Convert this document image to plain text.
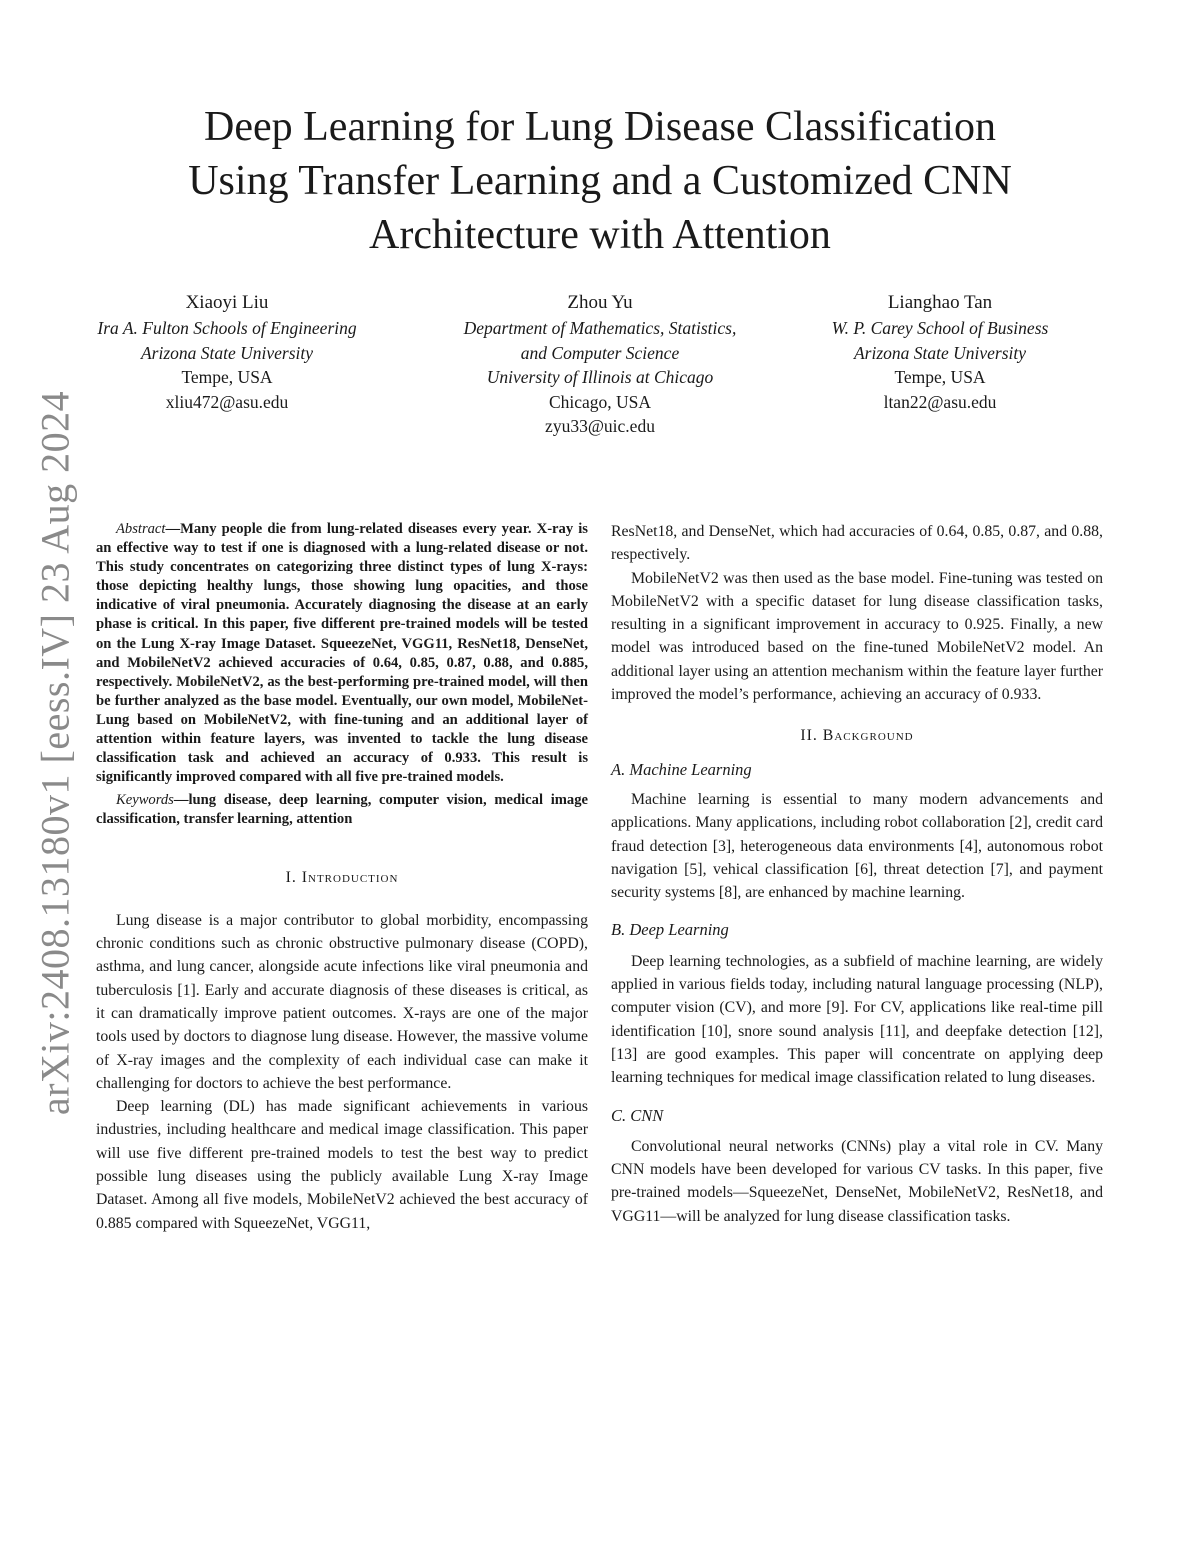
arXiv:2408.13180v1 [eess.IV] 23 Aug 2024
Deep Learning for Lung Disease Classification
Using Transfer Learning and a Customized CNN
Architecture with Attention
Xiaoyi Liu
Ira A. Fulton Schools of Engineering
Arizona State University
Tempe, USA
xliu472@asu.edu
Zhou Yu
Department of Mathematics, Statistics,
and Computer Science
University of Illinois at Chicago
Chicago, USA
zyu33@uic.edu
Lianghao Tan
W. P. Carey School of Business
Arizona State University
Tempe, USA
ltan22@asu.edu

Abstract—Many people die from lung-related diseases every year. X-ray is an effective way to test if one is diagnosed with a lung-related disease or not. This study concentrates on categorizing three distinct types of lung X-rays: those depicting healthy lungs, those showing lung opacities, and those indicative of viral pneumonia. Accurately diagnosing the disease at an early phase is critical. In this paper, five different pre-trained models will be tested on the Lung X-ray Image Dataset. SqueezeNet, VGG11, ResNet18, DenseNet, and MobileNetV2 achieved accuracies of 0.64, 0.85, 0.87, 0.88, and 0.885, respectively. MobileNetV2, as the best-performing pre-trained model, will then be further analyzed as the base model. Eventually, our own model, MobileNet-Lung based on MobileNetV2, with fine-tuning and an additional layer of attention within feature layers, was invented to tackle the lung disease classification task and achieved an accuracy of 0.933. This result is significantly improved compared with all five pre-trained models.

Keywords—lung disease, deep learning, computer vision, medical image classification, transfer learning, attention

I. Introduction

Lung disease is a major contributor to global morbidity, encompassing chronic conditions such as chronic obstructive pulmonary disease (COPD), asthma, and lung cancer, alongside acute infections like viral pneumonia and tuberculosis [1]. Early and accurate diagnosis of these diseases is critical, as it can dramatically improve patient outcomes. X-rays are one of the major tools used by doctors to diagnose lung disease. However, the massive volume of X-ray images and the complexity of each individual case can make it challenging for doctors to achieve the best performance.

Deep learning (DL) has made significant achievements in various industries, including healthcare and medical image classification. This paper will use five different pre-trained models to test the best way to predict possible lung diseases using the publicly available Lung X-ray Image Dataset. Among all five models, MobileNetV2 achieved the best accuracy of 0.885 compared with SqueezeNet, VGG11,

ResNet18, and DenseNet, which had accuracies of 0.64, 0.85, 0.87, and 0.88, respectively.

MobileNetV2 was then used as the base model. Fine-tuning was tested on MobileNetV2 with a specific dataset for lung disease classification tasks, resulting in a significant improvement in accuracy to 0.925. Finally, a new model was introduced based on the fine-tuned MobileNetV2 model. An additional layer using an attention mechanism within the feature layer further improved the model’s performance, achieving an accuracy of 0.933.

II. Background
A. Machine Learning

Machine learning is essential to many modern advancements and applications. Many applications, including robot collaboration [2], credit card fraud detection [3], heterogeneous data environments [4], autonomous robot navigation [5], vehical classification [6], threat detection [7], and payment security systems [8], are enhanced by machine learning.

B. Deep Learning

Deep learning technologies, as a subfield of machine learning, are widely applied in various fields today, including natural language processing (NLP), computer vision (CV), and more [9]. For CV, applications like real-time pill identification [10], snore sound analysis [11], and deepfake detection [12], [13] are good examples. This paper will concentrate on applying deep learning techniques for medical image classification related to lung diseases.

C. CNN

Convolutional neural networks (CNNs) play a vital role in CV. Many CNN models have been developed for various CV tasks. In this paper, five pre-trained models—SqueezeNet, DenseNet, MobileNetV2, ResNet18, and VGG11—will be analyzed for lung disease classification tasks.
